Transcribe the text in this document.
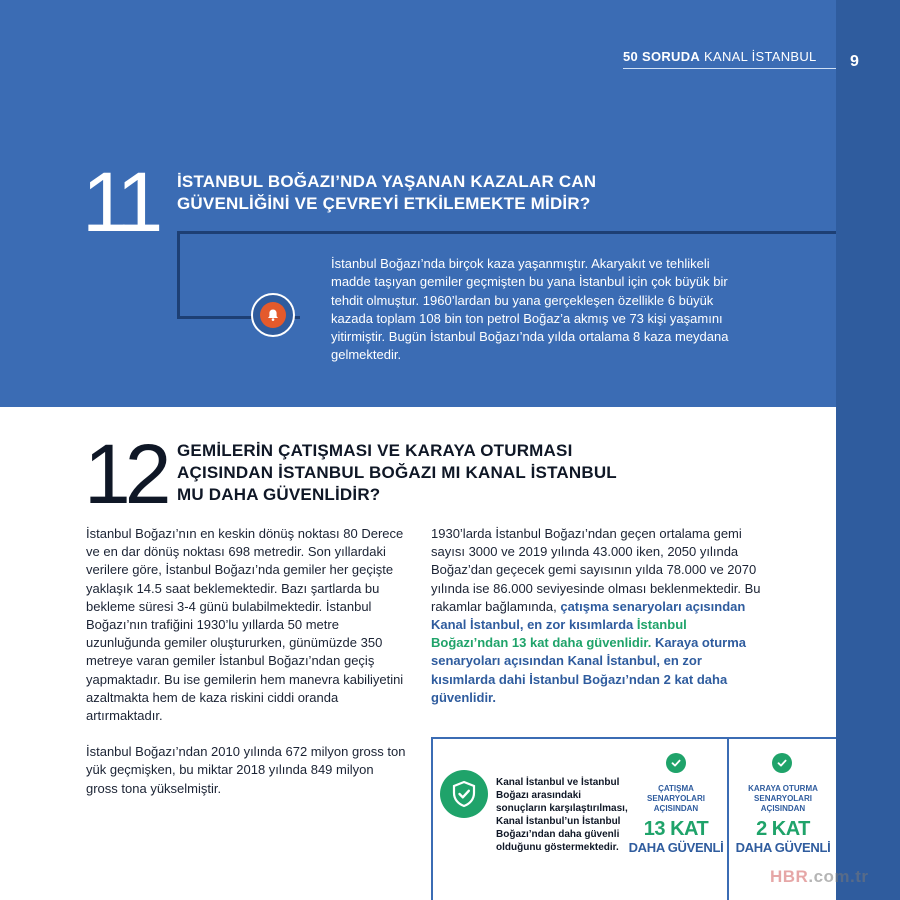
50 SORUDA KANAL İSTANBUL 9
11 İSTANBUL BOĞAZI’NDA YAŞANAN KAZALAR CAN GÜVENLİĞİNİ VE ÇEVREYİ ETKİLEMEKTE MİDİR?
İstanbul Boğazı’nda birçok kaza yaşanmıştır. Akaryakıt ve tehlikeli madde taşıyan gemiler geçmişten bu yana İstanbul için çok büyük bir tehdit olmuştur. 1960’lardan bu yana gerçekleşen özellikle 6 büyük kazada toplam 108 bin ton petrol Boğaz’a akmış ve 73 kişi yaşamını yitirmiştir. Bugün İstanbul Boğazı’nda yılda ortalama 8 kaza meydana gelmektedir.
12 GEMİLERİN ÇATIŞMASI VE KARAYA OTURMASI AÇISINDAN İSTANBUL BOĞAZI MI KANAL İSTANBUL MU DAHA GÜVENLİDİR?

İstanbul Boğazı’nın en keskin dönüş noktası 80 Derece ve en dar dönüş noktası 698 metredir. Son yıllardaki verilere göre, İstanbul Boğazı’nda gemiler her geçişte yaklaşık 14.5 saat beklemektedir. Bazı şartlarda bu bekleme süresi 3-4 günü bulabilmektedir. İstanbul Boğazı’nın trafiğini 1930’lu yıllarda 50 metre uzunluğunda gemiler oluştururken, günümüzde 350 metreye varan gemiler İstanbul Boğazı’ndan geçiş yapmaktadır. Bu ise gemilerin hem manevra kabiliyetini azaltmakta hem de kaza riskini ciddi oranda artırmaktadır.

İstanbul Boğazı’ndan 2010 yılında 672 milyon gross ton yük geçmişken, bu miktar 2018 yılında 849 milyon gross tona yükselmiştir.

1930’larda İstanbul Boğazı’ndan geçen ortalama gemi sayısı 3000 ve 2019 yılında 43.000 iken, 2050 yılında Boğaz’dan geçecek gemi sayısının yılda 78.000 ve 2070 yılında ise 86.000 seviyesinde olması beklenmektedir. Bu rakamlar bağlamında, çatışma senaryoları açısından Kanal İstanbul, en zor kısımlarda İstanbul Boğazı’ndan 13 kat daha güvenlidir. Karaya oturma senaryoları açısından Kanal İstanbul, en zor kısımlarda dahi İstanbul Boğazı’ndan 2 kat daha güvenlidir.

Kanal İstanbul ve İstanbul Boğazı arasındaki sonuçların karşılaştırılması, Kanal İstanbul’un İstanbul Boğazı’ndan daha güvenli olduğunu göstermektedir.
ÇATIŞMA SENARYOLARI AÇISINDAN
13 KAT
DAHA GÜVENLİ
KARAYA OTURMA SENARYOLARI AÇISINDAN
2 KAT
DAHA GÜVENLİ
HBR.com.tr
